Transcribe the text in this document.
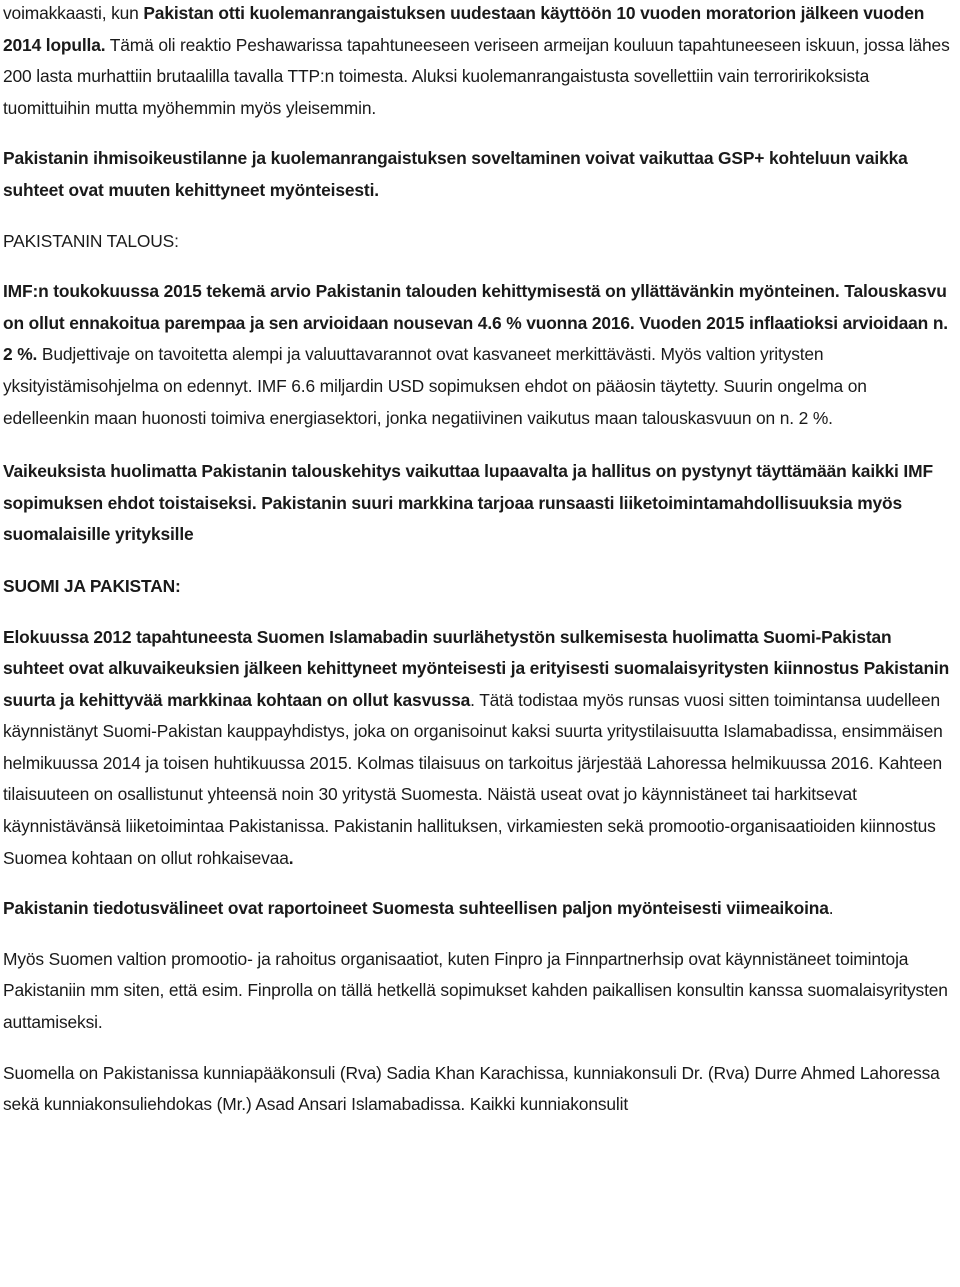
voimakkaasti, kun Pakistan otti kuolemanrangaistuksen uudestaan käyttöön 10 vuoden moratorion jälkeen vuoden 2014 lopulla. Tämä oli reaktio Peshawarissa tapahtuneeseen veriseen armeijan kouluun tapahtuneeseen iskuun, jossa lähes 200 lasta murhattiin brutaalilla tavalla TTP:n toimesta. Aluksi kuolemanrangaistusta sovellettiin vain terroririkoksista tuomittuihin mutta myöhemmin myös yleisemmin.

Pakistanin ihmisoikeustilanne ja kuolemanrangaistuksen soveltaminen voivat vaikuttaa GSP+ kohteluun vaikka suhteet ovat muuten kehittyneet myönteisesti.

PAKISTANIN TALOUS:

IMF:n toukokuussa 2015 tekemä arvio Pakistanin talouden kehittymisestä on yllättävänkin myönteinen. Talouskasvu on ollut ennakoitua parempaa ja sen arvioidaan nousevan 4.6 % vuonna 2016. Vuoden 2015 inflaatioksi arvioidaan n. 2 %. Budjettivaje on tavoitetta alempi ja valuuttavarannot ovat kasvaneet merkittävästi. Myös valtion yritysten yksityistämisohjelma on edennyt. IMF 6.6 miljardin USD sopimuksen ehdot on pääosin täytetty. Suurin ongelma on edelleenkin maan huonosti toimiva energiasektori, jonka negatiivinen vaikutus maan talouskasvuun on n. 2 %.

Vaikeuksista huolimatta Pakistanin talouskehitys vaikuttaa lupaavalta ja hallitus on pystynyt täyttämään kaikki IMF sopimuksen ehdot toistaiseksi. Pakistanin suuri markkina tarjoaa runsaasti liiketoimintamahdollisuuksia myös suomalaisille yrityksille

SUOMI JA PAKISTAN:

Elokuussa 2012 tapahtuneesta Suomen Islamabadin suurlähetystön sulkemisesta huolimatta Suomi-Pakistan suhteet ovat alkuvaikeuksien jälkeen kehittyneet myönteisesti ja erityisesti suomalaisyritysten kiinnostus Pakistanin suurta ja kehittyvää markkinaa kohtaan on ollut kasvussa. Tätä todistaa myös runsas vuosi sitten toimintansa uudelleen käynnistänyt Suomi-Pakistan kauppayhdistys, joka on organisoinut kaksi suurta yritystilaisuutta Islamabadissa, ensimmäisen helmikuussa 2014 ja toisen huhtikuussa 2015. Kolmas tilaisuus on tarkoitus järjestää Lahoressa helmikuussa 2016. Kahteen tilaisuuteen on osallistunut yhteensä noin 30 yritystä Suomesta. Näistä useat ovat jo käynnistäneet tai harkitsevat käynnistävänsä liiketoimintaa Pakistanissa. Pakistanin hallituksen, virkamiesten sekä promootio-organisaatioiden kiinnostus Suomea kohtaan on ollut rohkaisevaa.

Pakistanin tiedotusvälineet ovat raportoineet Suomesta suhteellisen paljon myönteisesti viimeaikoina.

Myös Suomen valtion promootio- ja rahoitus organisaatiot, kuten Finpro ja Finnpartnerhsip ovat käynnistäneet toimintoja Pakistaniin mm siten, että esim. Finprolla on tällä hetkellä sopimukset kahden paikallisen konsultin kanssa suomalaisyritysten auttamiseksi.

Suomella on Pakistanissa kunniapääkonsuli (Rva) Sadia Khan Karachissa, kunniakonsuli Dr. (Rva) Durre Ahmed Lahoressa sekä kunniakonsuliehdokas (Mr.) Asad Ansari Islamabadissa. Kaikki kunniakonsulit
